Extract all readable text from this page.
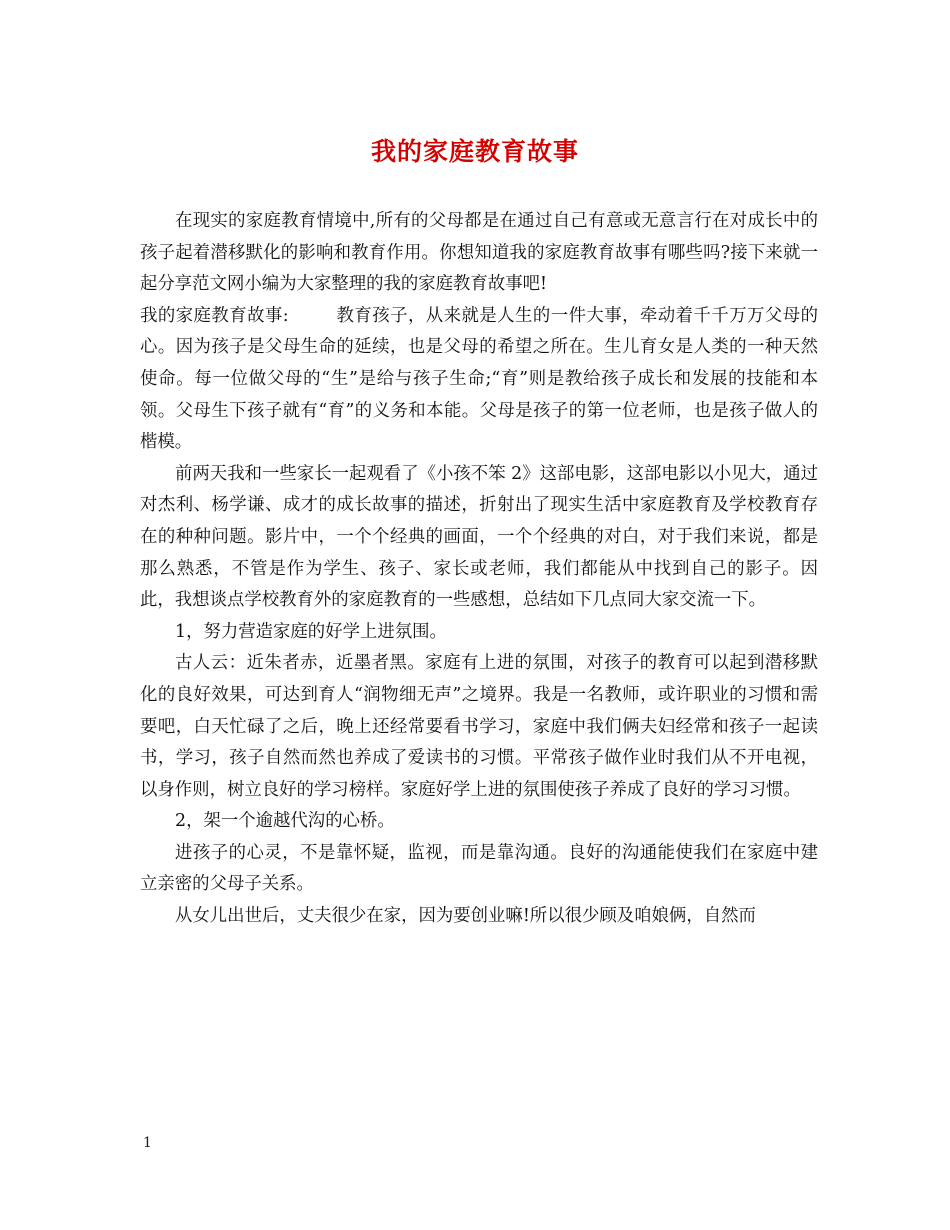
我的家庭教育故事

在现实的家庭教育情境中,所有的父母都是在通过自己有意或无意言行在对成长中的孩子起着潜移默化的影响和教育作用。你想知道我的家庭教育故事有哪些吗?接下来就一起分享范文网小编为大家整理的我的家庭教育故事吧!

我的家庭教育故事:	教育孩子，从来就是人生的一件大事，牵动着千千万万父母的心。因为孩子是父母生命的延续，也是父母的希望之所在。生儿育女是人类的一种天然使命。每一位做父母的“生”是给与孩子生命;“育”则是教给孩子成长和发展的技能和本领。父母生下孩子就有“育”的义务和本能。父母是孩子的第一位老师，也是孩子做人的楷模。

前两天我和一些家长一起观看了《小孩不笨 2》这部电影，这部电影以小见大，通过对杰利、杨学谦、成才的成长故事的描述，折射出了现实生活中家庭教育及学校教育存在的种种问题。影片中，一个个经典的画面，一个个经典的对白，对于我们来说，都是那么熟悉，不管是作为学生、孩子、家长或老师，我们都能从中找到自己的影子。因此，我想谈点学校教育外的家庭教育的一些感想，总结如下几点同大家交流一下。

1，努力营造家庭的好学上进氛围。

古人云：近朱者赤，近墨者黑。家庭有上进的氛围，对孩子的教育可以起到潜移默化的良好效果，可达到育人“润物细无声”之境界。我是一名教师，或许职业的习惯和需要吧，白天忙碌了之后，晚上还经常要看书学习，家庭中我们俩夫妇经常和孩子一起读书，学习，孩子自然而然也养成了爱读书的习惯。平常孩子做作业时我们从不开电视，以身作则，树立良好的学习榜样。家庭好学上进的氛围使孩子养成了良好的学习习惯。

2，架一个逾越代沟的心桥。

进孩子的心灵，不是靠怀疑，监视，而是靠沟通。良好的沟通能使我们在家庭中建立亲密的父母子关系。

从女儿出世后，丈夫很少在家，因为要创业嘛!所以很少顾及咱娘俩，自然而

1
